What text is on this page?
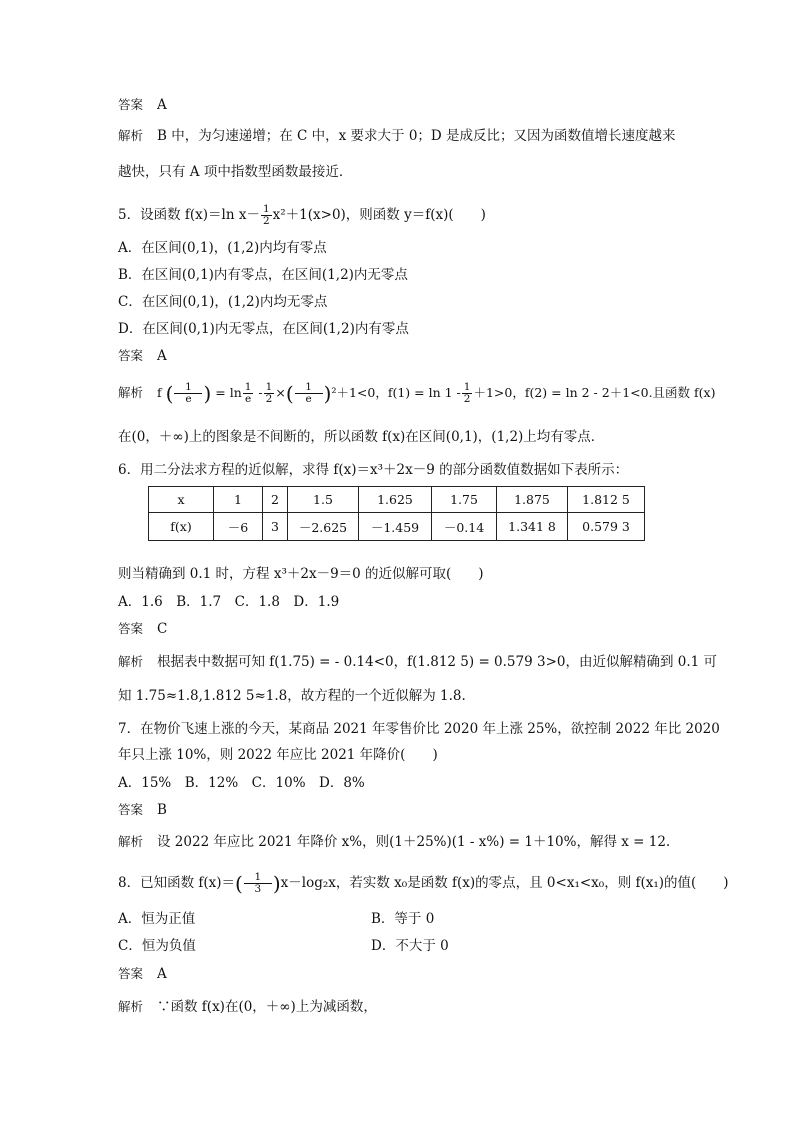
答案 A
解析 B 中，为匀速递增；在 C 中，x 要求大于 0；D 是成反比；又因为函数值增长速度越来
越快，只有 A 项中指数型函数最接近．
5．设函数 f(x)＝ln $x- \frac{1}{2} x^2+1(x>0)$，则函数 y＝f(x)(　　)
A．在区间(0,1)，(1,2)内均有零点
B．在区间(0,1)内有零点，在区间(1,2)内无零点
C．在区间(0,1)，(1,2)内均无零点
D．在区间(0,1)内无零点，在区间(1,2)内有零点
答案 A
解析 f ( $\frac{1}{e}$ ) = $\ln \frac{1}{e} - \frac{1}{2}$ ×( $\frac{1}{e} )^2+1<0$，$f(1) = \ln 1 - \frac{1}{2} +1>0$，f(2) = ln 2 - 2＋1<0.且函数 f(x)
在(0，＋∞)上的图象是不间断的，所以函数 f(x)在区间(0,1)，(1,2)上均有零点．
6．用二分法求方程的近似解，求得 f(x)＝x³＋2x－9 的部分函数值数据如下表所示：
x	1	2	1.5	1.625	1.75	1.875	1.812 5
f(x)	－6	3	－2.625	－1.459	－0.14	1.341 8	0.579 3
则当精确到 0.1 时，方程 x³＋2x－9＝0 的近似解可取(　　)
A．1.6　B．1.7　C．1.8　D．1.9
答案 C
解析 根据表中数据可知 f(1.75) = - 0.14<0，f(1.812 5) = 0.579 3>0，由近似解精确到 0.1 可
知 1.75≈1.8,1.812 5≈1.8，故方程的一个近似解为 1.8.
7．在物价飞速上涨的今天，某商品 2021 年零售价比 2020 年上涨 25%，欲控制 2022 年比 2020
年只上涨 10%，则 2022 年应比 2021 年降价(　　)
A．15%　B．12%　C．10%　D．8%
答案 B
解析 设 2022 年应比 2021 年降价 x%，则(1＋25%)(1 - x%) = 1＋10%，解得 x = 12.
8．已知函数 $f(x)=( \frac{1}{3} )x-\log_2x$，若实数 x₀是函数 f(x)的零点，且 0<x₁<x₀，则 f(x₁)的值(　　)
A．恒为正值	B．等于 0
C．恒为负值	D．不大于 0
答案 A
解析 ∵函数 f(x)在(0，＋∞)上为减函数，
